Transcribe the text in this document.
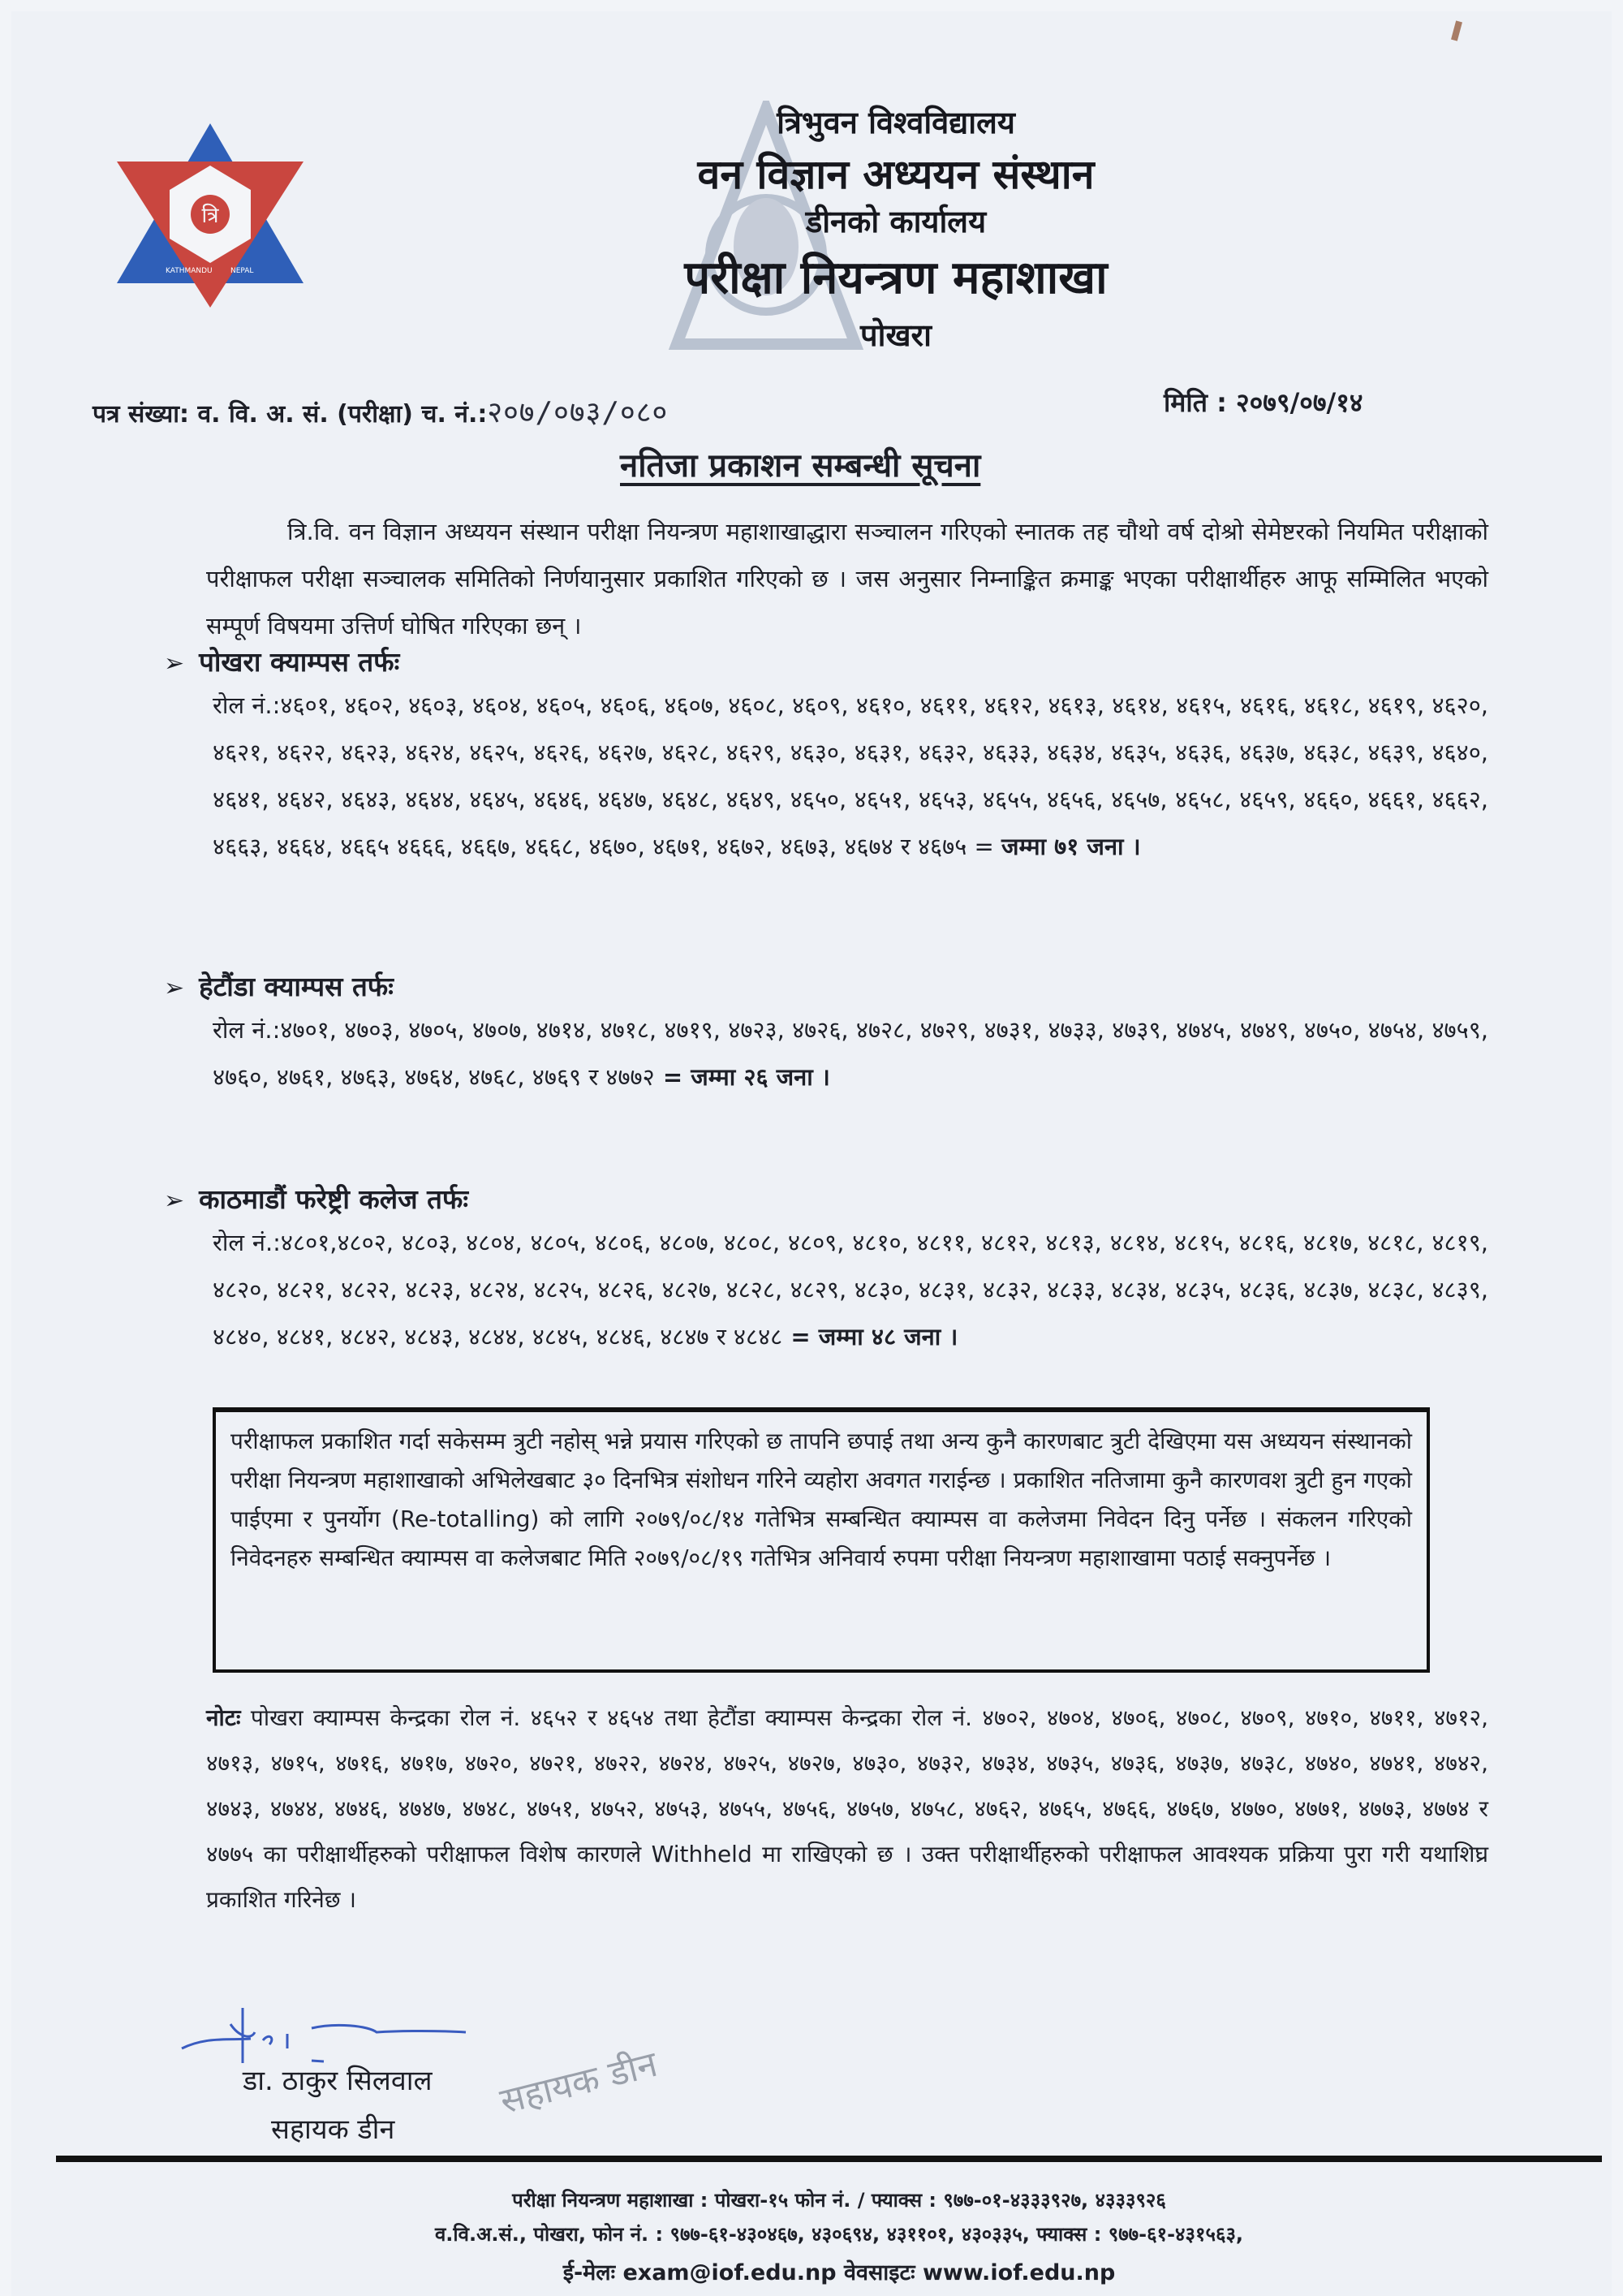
त्रि
KATHMANDU NEPAL
त्रिभुवन विश्वविद्यालय
वन विज्ञान अध्ययन संस्थान
डीनको कार्यालय
परीक्षा नियन्त्रण महाशाखा
पोखरा
पत्र संख्या: व. वि. अ. सं. (परीक्षा) च. नं.:२०७/०७३/०८०	मिति : २०७९/०७/१४
नतिजा प्रकाशन सम्बन्धी सूचना
त्रि.वि. वन विज्ञान अध्ययन संस्थान परीक्षा नियन्त्रण महाशाखाद्धारा सञ्चालन गरिएको स्नातक तह चौथो वर्ष दोश्रो सेमेष्टरको नियमित परीक्षाको परीक्षाफल परीक्षा सञ्चालक समितिको निर्णयानुसार प्रकाशित गरिएको छ । जस अनुसार निम्नाङ्कित क्रमाङ्क भएका परीक्षार्थीहरु आफू सम्मिलित भएको सम्पूर्ण विषयमा उत्तिर्ण घोषित गरिएका छन् ।
➢ पोखरा क्याम्पस तर्फः
रोल नं.:४६०१, ४६०२, ४६०३, ४६०४, ४६०५, ४६०६, ४६०७, ४६०८, ४६०९, ४६१०, ४६११, ४६१२, ४६१३, ४६१४, ४६१५, ४६१६, ४६१८, ४६१९, ४६२०, ४६२१, ४६२२, ४६२३, ४६२४, ४६२५, ४६२६, ४६२७, ४६२८, ४६२९, ४६३०, ४६३१, ४६३२, ४६३३, ४६३४, ४६३५, ४६३६, ४६३७, ४६३८, ४६३९, ४६४०, ४६४१, ४६४२, ४६४३, ४६४४, ४६४५, ४६४६, ४६४७, ४६४८, ४६४९, ४६५०, ४६५१, ४६५३, ४६५५, ४६५६, ४६५७, ४६५८, ४६५९, ४६६०, ४६६१, ४६६२, ४६६३, ४६६४, ४६६५ ४६६६, ४६६७, ४६६८, ४६७०, ४६७१, ४६७२, ४६७३, ४६७४ र ४६७५ = जम्मा ७१ जना ।
➢ हेटौंडा क्याम्पस तर्फः
रोल नं.:४७०१, ४७०३, ४७०५, ४७०७, ४७१४, ४७१८, ४७१९, ४७२३, ४७२६, ४७२८, ४७२९, ४७३१, ४७३३, ४७३९, ४७४५, ४७४९, ४७५०, ४७५४, ४७५९, ४७६०, ४७६१, ४७६३, ४७६४, ४७६८, ४७६९ र ४७७२ = जम्मा २६ जना ।
➢ काठमाडौं फरेष्ट्री कलेज तर्फः
रोल नं.:४८०१,४८०२, ४८०३, ४८०४, ४८०५, ४८०६, ४८०७, ४८०८, ४८०९, ४८१०, ४८११, ४८१२, ४८१३, ४८१४, ४८१५, ४८१६, ४८१७, ४८१८, ४८१९, ४८२०, ४८२१, ४८२२, ४८२३, ४८२४, ४८२५, ४८२६, ४८२७, ४८२८, ४८२९, ४८३०, ४८३१, ४८३२, ४८३३, ४८३४, ४८३५, ४८३६, ४८३७, ४८३८, ४८३९, ४८४०, ४८४१, ४८४२, ४८४३, ४८४४, ४८४५, ४८४६, ४८४७ र ४८४८ = जम्मा ४८ जना ।
परीक्षाफल प्रकाशित गर्दा सकेसम्म त्रुटी नहोस् भन्ने प्रयास गरिएको छ तापनि छपाई तथा अन्य कुनै कारणबाट त्रुटी देखिएमा यस अध्ययन संस्थानको परीक्षा नियन्त्रण महाशाखाको अभिलेखबाट ३० दिनभित्र संशोधन गरिने व्यहोरा अवगत गराईन्छ । प्रकाशित नतिजामा कुनै कारणवश त्रुटी हुन गएको पाईएमा र पुनर्योग (Re-totalling) को लागि २०७९/०८/१४ गतेभित्र सम्बन्धित क्याम्पस वा कलेजमा निवेदन दिनु पर्नेछ । संकलन गरिएको निवेदनहरु सम्बन्धित क्याम्पस वा कलेजबाट मिति २०७९/०८/१९ गतेभित्र अनिवार्य रुपमा परीक्षा नियन्त्रण महाशाखामा पठाई सक्नुपर्नेछ ।
नोटः पोखरा क्याम्पस केन्द्रका रोल नं. ४६५२ र ४६५४ तथा हेटौंडा क्याम्पस केन्द्रका रोल नं. ४७०२, ४७०४, ४७०६, ४७०८, ४७०९, ४७१०, ४७११, ४७१२, ४७१३, ४७१५, ४७१६, ४७१७, ४७२०, ४७२१, ४७२२, ४७२४, ४७२५, ४७२७, ४७३०, ४७३२, ४७३४, ४७३५, ४७३६, ४७३७, ४७३८, ४७४०, ४७४१, ४७४२, ४७४३, ४७४४, ४७४६, ४७४७, ४७४८, ४७५१, ४७५२, ४७५३, ४७५५, ४७५६, ४७५७, ४७५८, ४७६२, ४७६५, ४७६६, ४७६७, ४७७०, ४७७१, ४७७३, ४७७४ र ४७७५ का परीक्षार्थीहरुको परीक्षाफल विशेष कारणले Withheld मा राखिएको छ । उक्त परीक्षार्थीहरुको परीक्षाफल आवश्यक प्रक्रिया पुरा गरी यथाशिघ्र प्रकाशित गरिनेछ ।
डा. ठाकुर सिलवाल
सहायक डीन
सहायक डीन
परीक्षा नियन्त्रण महाशाखा : पोखरा-१५ फोन नं. / फ्याक्स : ९७७-०१-४३३३९२७, ४३३३९२६
व.वि.अ.सं., पोखरा, फोन नं. : ९७७-६१-४३०४६७, ४३०६९४, ४३११०१, ४३०३३५, फ्याक्स : ९७७-६१-४३१५६३,
ई-मेलः exam@iof.edu.np वेवसाइटः www.iof.edu.np
